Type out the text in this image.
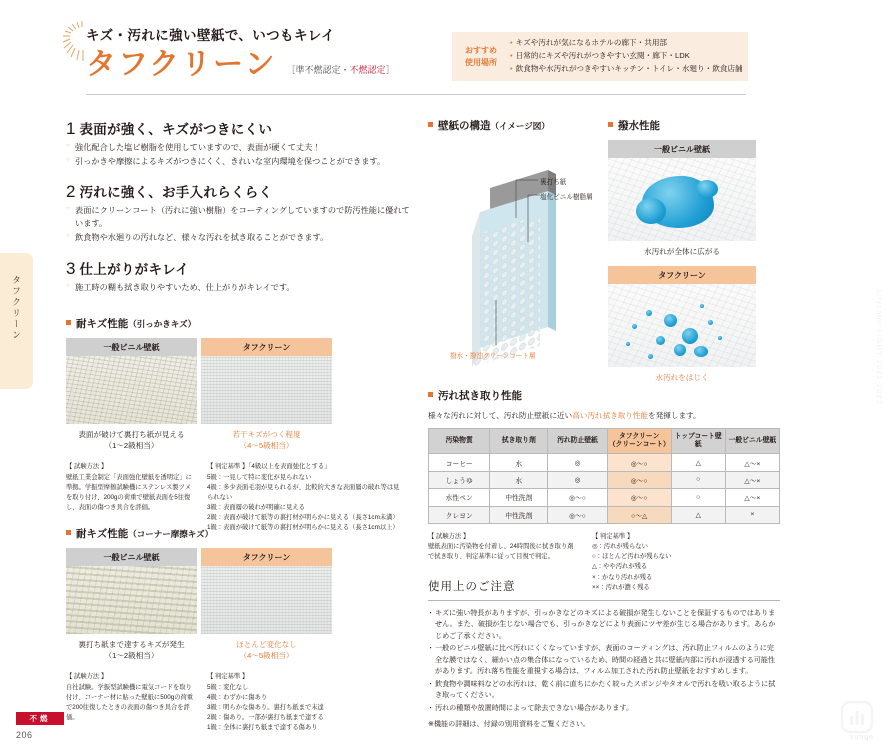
タフクリーン	Lilycolor LIGHT 2021-2023
キズ・汚れに強い壁紙で、いつもキレイ
タフクリーン ［準不燃認定・不燃認定］
おすすめ
使用場所
• キズや汚れが気になるホテルの廊下・共用部
• 日常的にキズや汚れがつきやすい玄関・廊下・LDK
• 飲食物や水汚れがつきやすいキッチン・トイレ・水廻り・飲食店舗
1 表面が強く、キズがつきにくい
○ 強化配合した塩ビ樹脂を使用していますので、表面が硬くて丈夫！
○ 引っかきや摩擦によるキズがつきにくく、きれいな室内環境を保つことができます。
2 汚れに強く、お手入れらくらく
○ 表面にクリーンコート（汚れに強い樹脂）をコーティングしていますので防汚性能に優れています。
○ 飲食物や水廻りの汚れなど、様々な汚れを拭き取ることができます。
3 仕上がりがキレイ
○ 施工時の糊も拭き取りやすいため、仕上がりがキレイです。
耐キズ性能（引っかきキズ）
一般ビニル壁紙
表面が破けて裏打ち紙が見える
（1～2級相当）
タフクリーン
若干キズがつく程度
（4～5級相当）
【 試験方法 】
壁紙工業会制定「表面強化壁紙を透明定」に準拠。学振型摩擦試験機にステンレス製ツメを取り付け、200gの荷重で壁紙表面を5往復し、表面の傷つき具合を評価。
【 判定基準 】「4級以上を表面強化とする」
5級：一見して特に変化が見られない
4級：多少表面毛羽が見られるが、比較的大きな表面層の破れ等は見られない
3級：表面層の破れが明確に見える
2級：表面が破けて紙等の裏打材が明らかに見える（長さ1cm未満）
1級：表面が破けて紙等の裏打材が明らかに見える（長さ1cm以上）
耐キズ性能（コーナー摩擦キズ）
一般ビニル壁紙
裏打ち紙まで達するキズが発生
（1～2級相当）
タフクリーン
ほとんど変化なし
（4～5級相当）
【 試験方法 】
自社試験。学振型試験機に電気コードを取り付け、コーナー材に貼った壁紙に500gの荷重で200往復したときの表面の傷つき具合を評価。
【 判定基準 】
5級：変化なし
4級：わずかに傷あり
3級：明らかな傷あり。裏打ち紙まで未達
2級：傷あり。一部が裏打ち紙まで達する
1級：全体に裏打ち紙まで達する傷あり
壁紙の構造（イメージ図）
裏打ち紙
塩化ビニル樹脂層
撥水・撥油クリーンコート層
撥水性能
一般ビニル壁紙
水汚れが全体に広がる
タフクリーン
水汚れをはじく
汚れ拭き取り性能
様々な汚れに対して、汚れ防止壁紙に近い高い汚れ拭き取り性能を発揮します。
汚染物質	拭き取り剤	汚れ防止壁紙	タフクリーン
（クリーンコート）	トップコート壁紙	一般ビニル壁紙
コーヒー	水	◎	◎～○	△	△～×
しょうゆ	水	◎	◎～○	○	△～×
水性ペン	中性洗剤	◎～○	◎～○	○	△～×
クレヨン	中性洗剤	◎～○	○～△	△	×
【 試験方法 】
壁紙表面に汚染物を付着し、24時間後に拭き取り剤で拭き取り、判定基準に従って目視で判定。
【 判定基準 】
◎：汚れが残らない
○：ほとんど汚れが残らない
△：やや汚れが残る
×：かなり汚れが残る
××：汚れが濃く残る
使用上のご注意
・ キズに強い特長がありますが、引っかきなどのキズによる破損が発生しないことを保証するものではありません。また、破損が生じない場合でも、引っかきなどにより表面にツヤ差が生じる場合があります。あらかじめご了承ください。
・ 一般のビニル壁紙に比べ汚れにくくなっていますが、表面のコーティングは、汚れ防止フィルムのように完全な膜ではなく、細かい点の集合体になっているため、時間の経過と共に壁紙内部に汚れが浸透する可能性があります。汚れ落ち性能を重視する場合は、フィルム加工された汚れ防止壁紙をおすすめします。
・ 飲食物や調味料などの水汚れは、乾く前に直ちにかたく絞ったスポンジやタオルで汚れを吸い取るように拭き取ってください。
・ 汚れの種類や放置時間によって除去できない場合があります。
※機能の詳細は、付録の別用資料をご覧ください。
不燃
206	sunge
